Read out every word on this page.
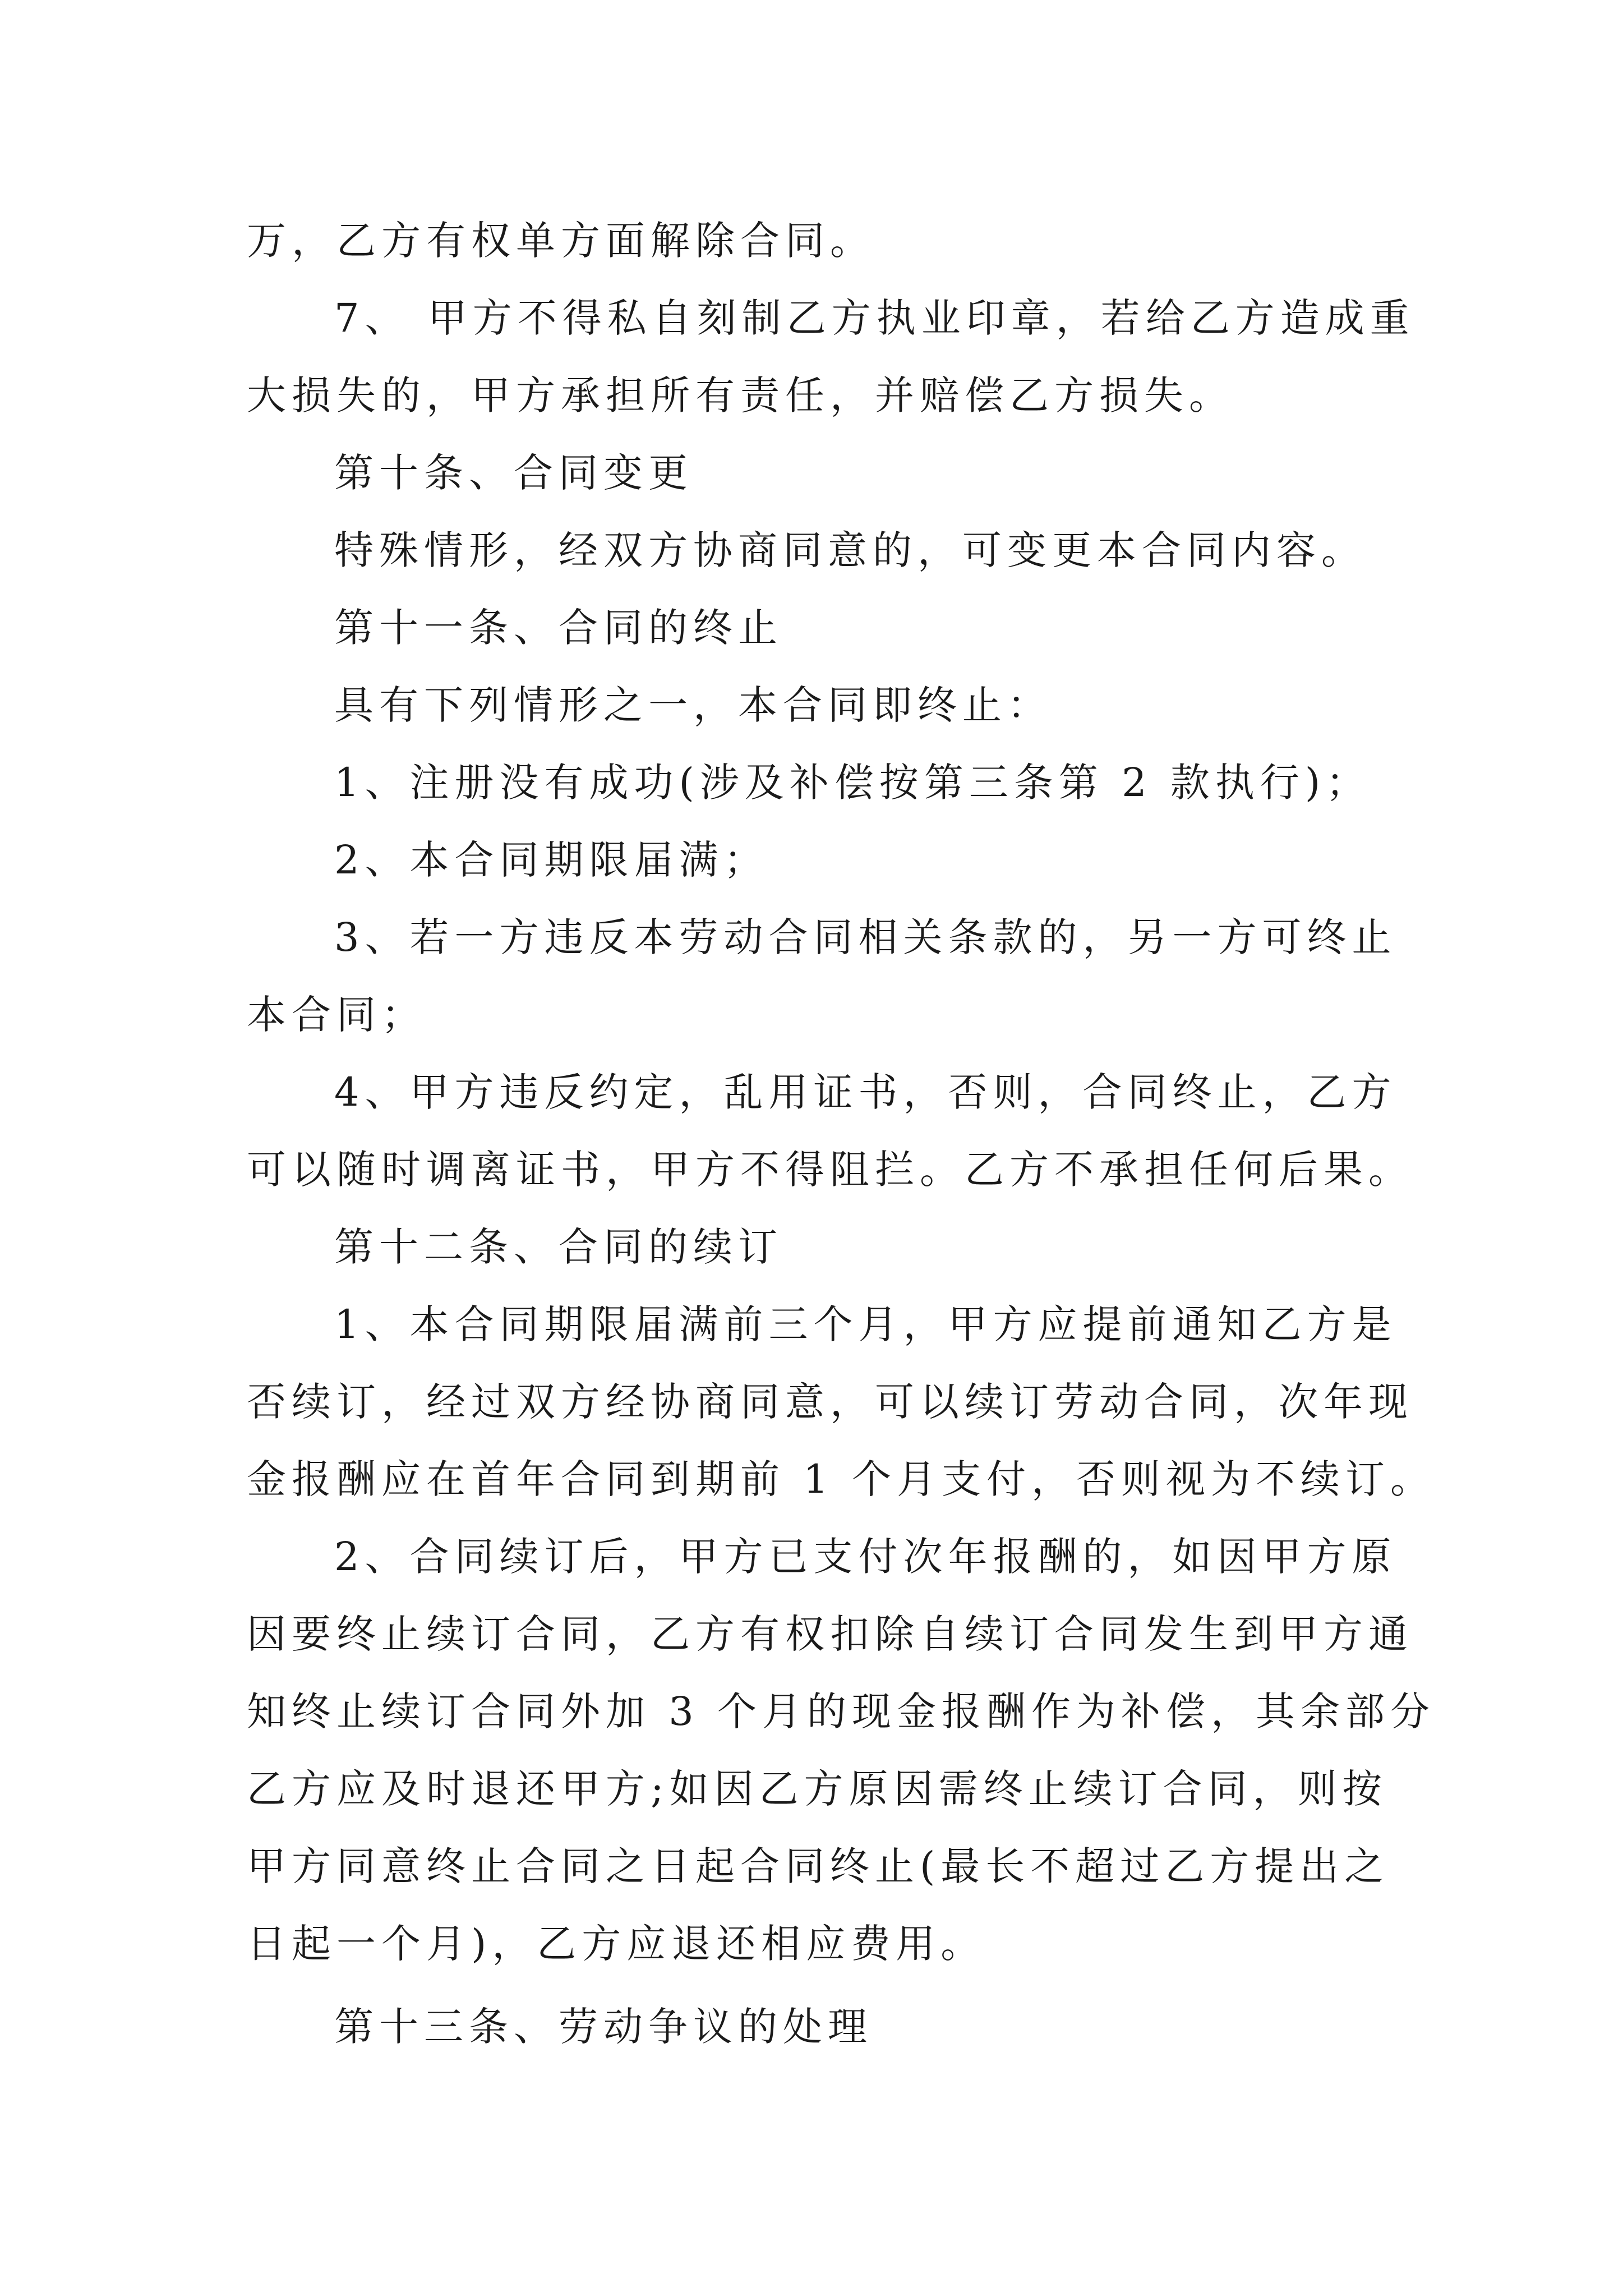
万，乙方有权单方面解除合同。
7、 甲方不得私自刻制乙方执业印章，若给乙方造成重
大损失的，甲方承担所有责任，并赔偿乙方损失。
第十条、合同变更
特殊情形，经双方协商同意的，可变更本合同内容。
第十一条、合同的终止
具有下列情形之一，本合同即终止：
1、注册没有成功(涉及补偿按第三条第 2 款执行)；
2、本合同期限届满；
3、若一方违反本劳动合同相关条款的，另一方可终止
本合同；
4、甲方违反约定，乱用证书，否则，合同终止，乙方
可以随时调离证书，甲方不得阻拦。乙方不承担任何后果。
第十二条、合同的续订
1、本合同期限届满前三个月，甲方应提前通知乙方是
否续订，经过双方经协商同意，可以续订劳动合同，次年现
金报酬应在首年合同到期前 1 个月支付，否则视为不续订。
2、合同续订后，甲方已支付次年报酬的，如因甲方原
因要终止续订合同，乙方有权扣除自续订合同发生到甲方通
知终止续订合同外加 3 个月的现金报酬作为补偿，其余部分
乙方应及时退还甲方;如因乙方原因需终止续订合同，则按
甲方同意终止合同之日起合同终止(最长不超过乙方提出之
日起一个月)，乙方应退还相应费用。
第十三条、劳动争议的处理
